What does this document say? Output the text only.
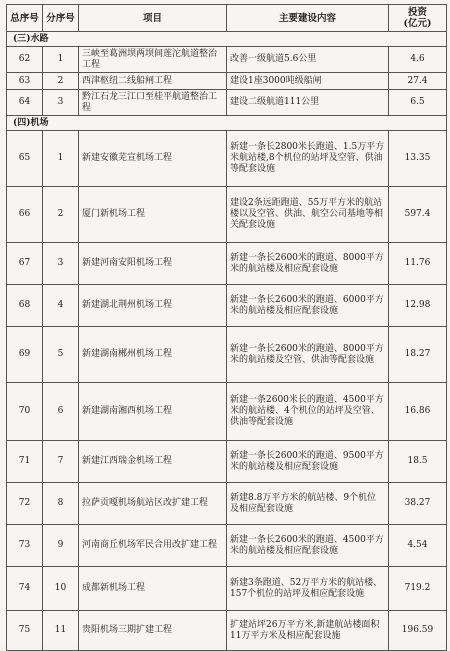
总序号	分序号	项目	主要建设内容	投资
(亿元)
(三)水路				
62	1	三峡至葛洲坝两坝间莲沱航道整治工程	改善一级航道5.6公里	4.6
63	2	西津枢纽二线船闸工程	建设1座3000吨级船闸	27.4
64	3	黔江石龙三江口至桂平航道整治工程	建设二级航道111公里	6.5
(四)机场				
65	1	新建安徽芜宣机场工程	新建一条长2800米长跑道、1.5万平方米航站楼,8个机位的站坪及空管、供油等配套设施	13.35
66	2	厦门新机场工程	建设2条远距跑道、55万平方米的航站楼以及空管、供油、航空公司基地等相关配套设施	597.4
67	3	新建河南安阳机场工程	新建一条长2600米的跑道、8000平方米的航站楼及相应配套设施	11.76
68	4	新建湖北荆州机场工程	新建一条长2600米的跑道、6000平方米的航站楼及相应配套设施	12.98
69	5	新建湖南郴州机场工程	新建一条长2600米的跑道、8000平方米的航站楼及空管、供油等配套设施	18.27
70	6	新建湖南湘西机场工程	新建一条2600米长的跑道、4500平方米的航站楼、4个机位的站坪及空管、供油等配套设施	16.86
71	7	新建江西瑞金机场工程	新建一条长2600米的跑道、9500平方米的航站楼及相应配套设施	18.5
72	8	拉萨贡嘎机场航站区改扩建工程	新建8.8万平方米的航站楼、9个机位及相应配套设施	38.27
73	9	河南商丘机场军民合用改扩建工程	新建一条长2600米的跑道、4500平方米的航站楼及相应配套设施	4.54
74	10	成都新机场工程	新建3条跑道、52万平方米的航站楼、157个机位的站坪及相应配套设施	719.2
75	11	贵阳机场三期扩建工程	扩建站坪26万平方米,新建航站楼面积11万平方米及相应配套设施	196.59
